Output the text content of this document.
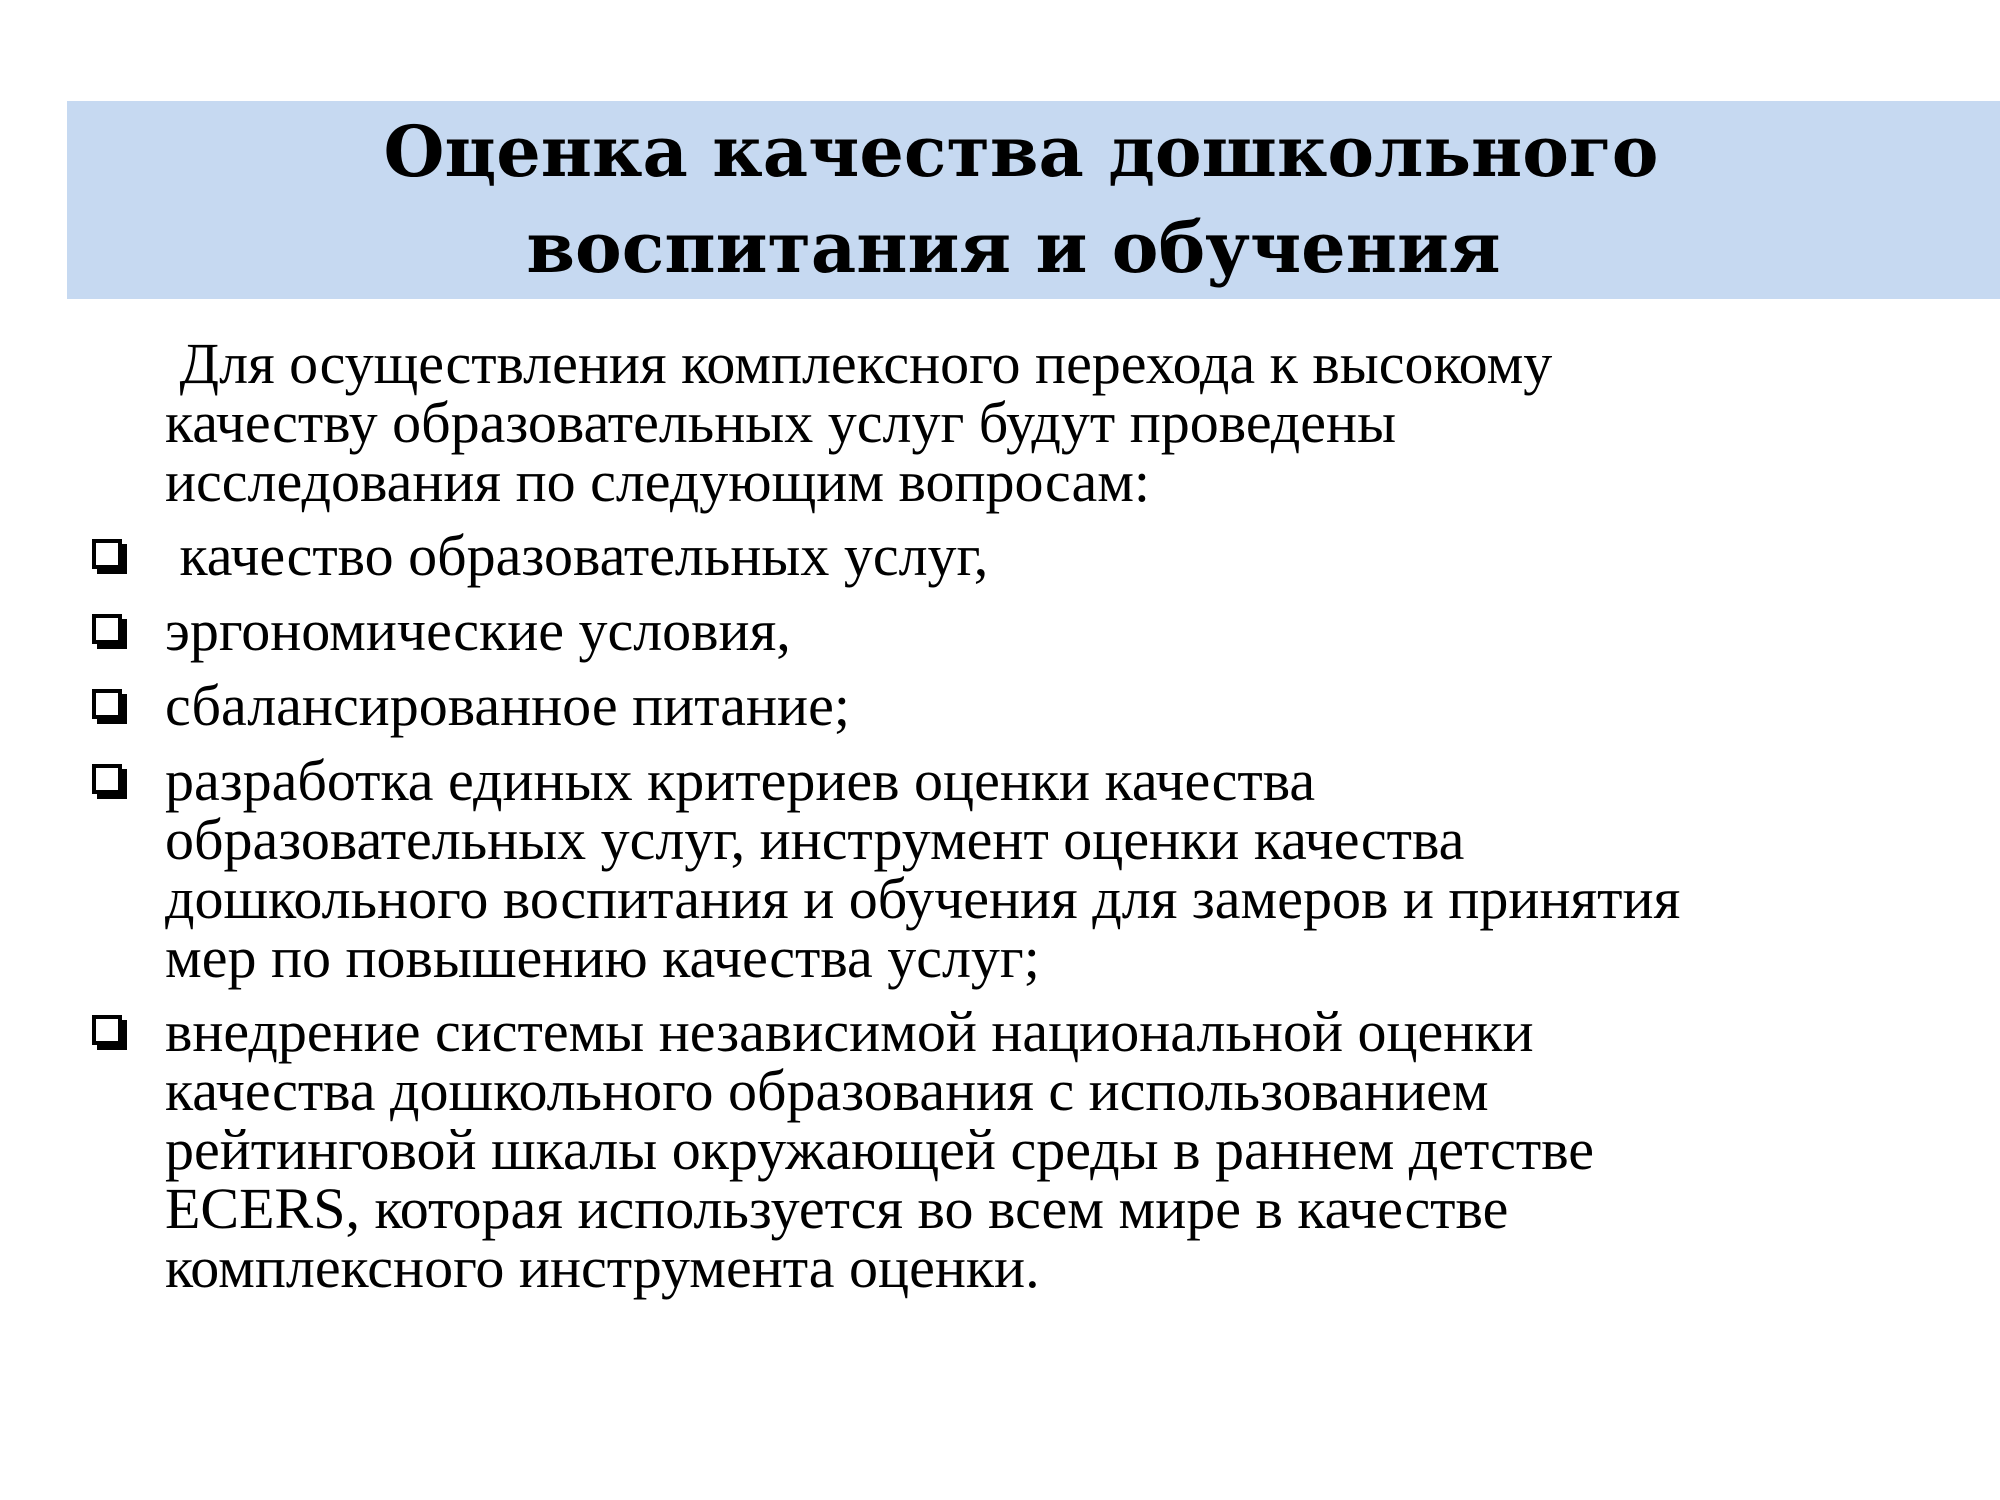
Оценка качества дошкольного
воспитания и обучения
Для осуществления комплексного перехода к высокому
качеству образовательных услуг будут проведены
исследования по следующим вопросам:
качество образовательных услуг,
эргономические условия,
сбалансированное питание;
разработка единых критериев оценки качества
образовательных услуг, инструмент оценки качества
дошкольного воспитания и обучения для замеров и принятия
мер по повышению качества услуг;
внедрение системы независимой национальной оценки
качества дошкольного образования с использованием
рейтинговой шкалы окружающей среды в раннем детстве
ECERS, которая используется во всем мире в качестве
комплексного инструмента оценки.
